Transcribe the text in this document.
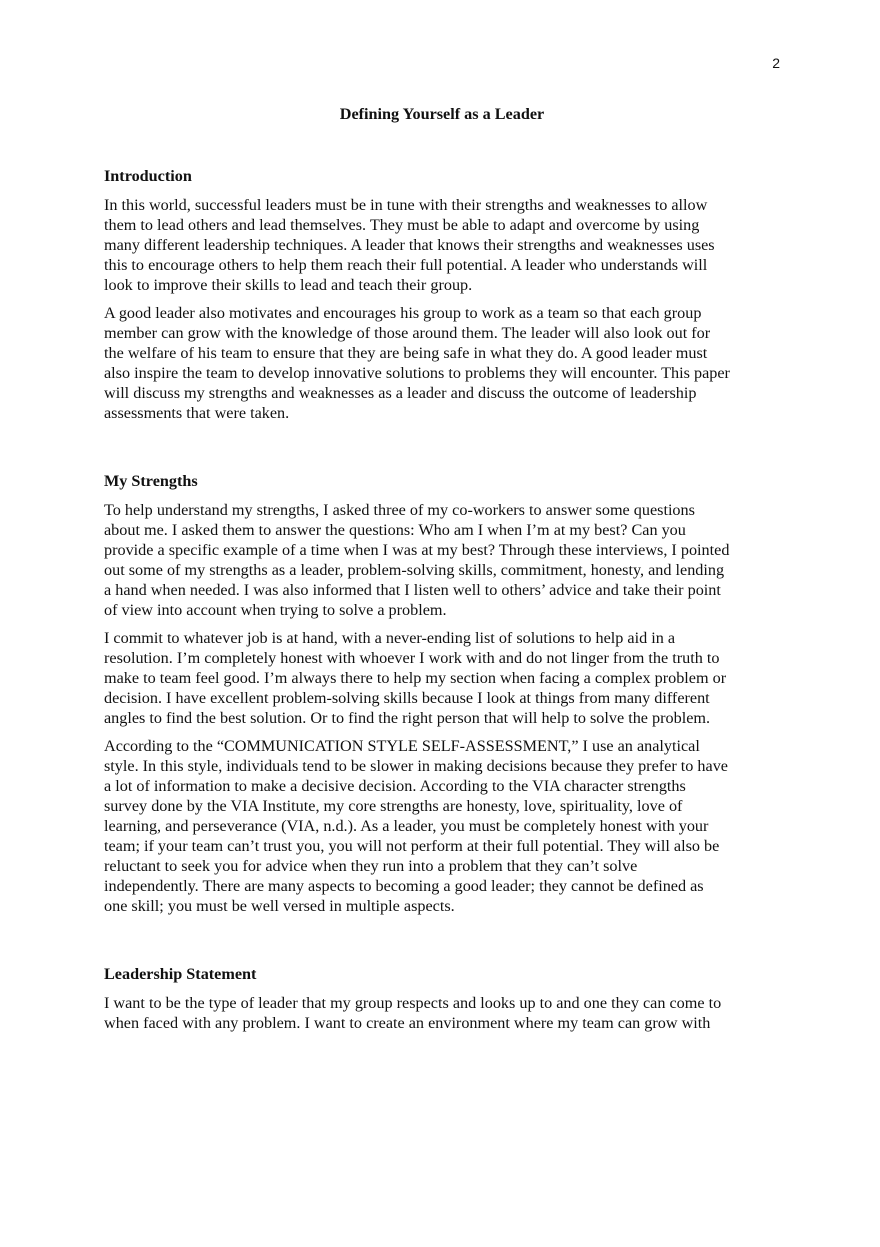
2
Defining Yourself as a Leader
Introduction

In this world, successful leaders must be in tune with their strengths and weaknesses to allow
them to lead others and lead themselves. They must be able to adapt and overcome by using
many different leadership techniques. A leader that knows their strengths and weaknesses uses
this to encourage others to help them reach their full potential. A leader who understands will
look to improve their skills to lead and teach their group.

A good leader also motivates and encourages his group to work as a team so that each group
member can grow with the knowledge of those around them. The leader will also look out for
the welfare of his team to ensure that they are being safe in what they do. A good leader must
also inspire the team to develop innovative solutions to problems they will encounter. This paper
will discuss my strengths and weaknesses as a leader and discuss the outcome of leadership
assessments that were taken.

My Strengths

To help understand my strengths, I asked three of my co-workers to answer some questions
about me. I asked them to answer the questions: Who am I when I’m at my best? Can you
provide a specific example of a time when I was at my best? Through these interviews, I pointed
out some of my strengths as a leader, problem-solving skills, commitment, honesty, and lending
a hand when needed. I was also informed that I listen well to others’ advice and take their point
of view into account when trying to solve a problem.

I commit to whatever job is at hand, with a never-ending list of solutions to help aid in a
resolution. I’m completely honest with whoever I work with and do not linger from the truth to
make to team feel good. I’m always there to help my section when facing a complex problem or
decision. I have excellent problem-solving skills because I look at things from many different
angles to find the best solution. Or to find the right person that will help to solve the problem.

According to the “COMMUNICATION STYLE SELF-ASSESSMENT,” I use an analytical
style. In this style, individuals tend to be slower in making decisions because they prefer to have
a lot of information to make a decisive decision. According to the VIA character strengths
survey done by the VIA Institute, my core strengths are honesty, love, spirituality, love of
learning, and perseverance (VIA, n.d.). As a leader, you must be completely honest with your
team; if your team can’t trust you, you will not perform at their full potential. They will also be
reluctant to seek you for advice when they run into a problem that they can’t solve
independently. There are many aspects to becoming a good leader; they cannot be defined as
one skill; you must be well versed in multiple aspects.

Leadership Statement

I want to be the type of leader that my group respects and looks up to and one they can come to
when faced with any problem. I want to create an environment where my team can grow with
